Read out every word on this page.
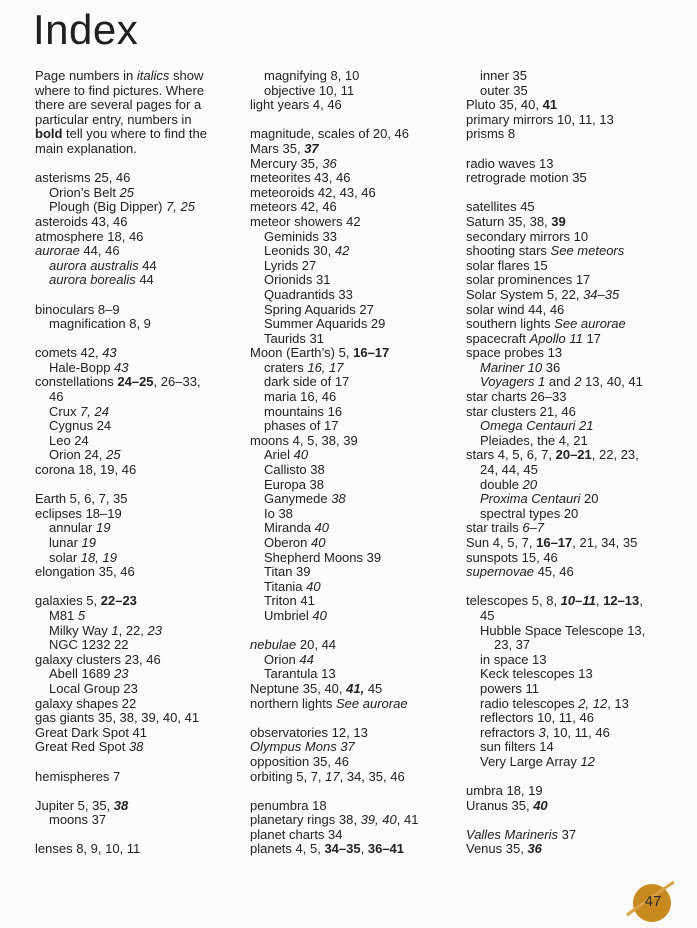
Index
Page numbers in italics show
where to find pictures. Where
there are several pages for a
particular entry, numbers in
bold tell you where to find the
main explanation.
asterisms 25, 46
Orion’s Belt 25
Plough (Big Dipper) 7, 25
asteroids 43, 46
atmosphere 18, 46
aurorae 44, 46
aurora australis 44
aurora borealis 44
binoculars 8–9
magnification 8, 9
comets 42, 43
Hale-Bopp 43
constellations 24–25, 26–33,
46
Crux 7, 24
Cygnus 24
Leo 24
Orion 24, 25
corona 18, 19, 46
Earth 5, 6, 7, 35
eclipses 18–19
annular 19
lunar 19
solar 18, 19
elongation 35, 46
galaxies 5, 22–23
M81 5
Milky Way 1, 22, 23
NGC 1232 22
galaxy clusters 23, 46
Abell 1689 23
Local Group 23
galaxy shapes 22
gas giants 35, 38, 39, 40, 41
Great Dark Spot 41
Great Red Spot 38
hemispheres 7
Jupiter 5, 35, 38
moons 37
lenses 8, 9, 10, 11
magnifying 8, 10
objective 10, 11
light years 4, 46
magnitude, scales of 20, 46
Mars 35, 37
Mercury 35, 36
meteorites 43, 46
meteoroids 42, 43, 46
meteors 42, 46
meteor showers 42
Geminids 33
Leonids 30, 42
Lyrids 27
Orionids 31
Quadrantids 33
Spring Aquarids 27
Summer Aquarids 29
Taurids 31
Moon (Earth’s) 5, 16–17
craters 16, 17
dark side of 17
maria 16, 46
mountains 16
phases of 17
moons 4, 5, 38, 39
Ariel 40
Callisto 38
Europa 38
Ganymede 38
Io 38
Miranda 40
Oberon 40
Shepherd Moons 39
Titan 39
Titania 40
Triton 41
Umbriel 40
nebulae 20, 44
Orion 44
Tarantula 13
Neptune 35, 40, 41, 45
northern lights See aurorae
observatories 12, 13
Olympus Mons 37
opposition 35, 46
orbiting 5, 7, 17, 34, 35, 46
penumbra 18
planetary rings 38, 39, 40, 41
planet charts 34
planets 4, 5, 34–35, 36–41
inner 35
outer 35
Pluto 35, 40, 41
primary mirrors 10, 11, 13
prisms 8
radio waves 13
retrograde motion 35
satellites 45
Saturn 35, 38, 39
secondary mirrors 10
shooting stars See meteors
solar flares 15
solar prominences 17
Solar System 5, 22, 34–35
solar wind 44, 46
southern lights See aurorae
spacecraft Apollo 11 17
space probes 13
Mariner 10 36
Voyagers 1 and 2 13, 40, 41
star charts 26–33
star clusters 21, 46
Omega Centauri 21
Pleiades, the 4, 21
stars 4, 5, 6, 7, 20–21, 22, 23,
24, 44, 45
double 20
Proxima Centauri 20
spectral types 20
star trails 6–7
Sun 4, 5, 7, 16–17, 21, 34, 35
sunspots 15, 46
supernovae 45, 46
telescopes 5, 8, 10–11, 12–13,
45
Hubble Space Telescope 13,
23, 37
in space 13
Keck telescopes 13
powers 11
radio telescopes 2, 12, 13
reflectors 10, 11, 46
refractors 3, 10, 11, 46
sun filters 14
Very Large Array 12
umbra 18, 19
Uranus 35, 40
Valles Marineris 37
Venus 35, 36
47
